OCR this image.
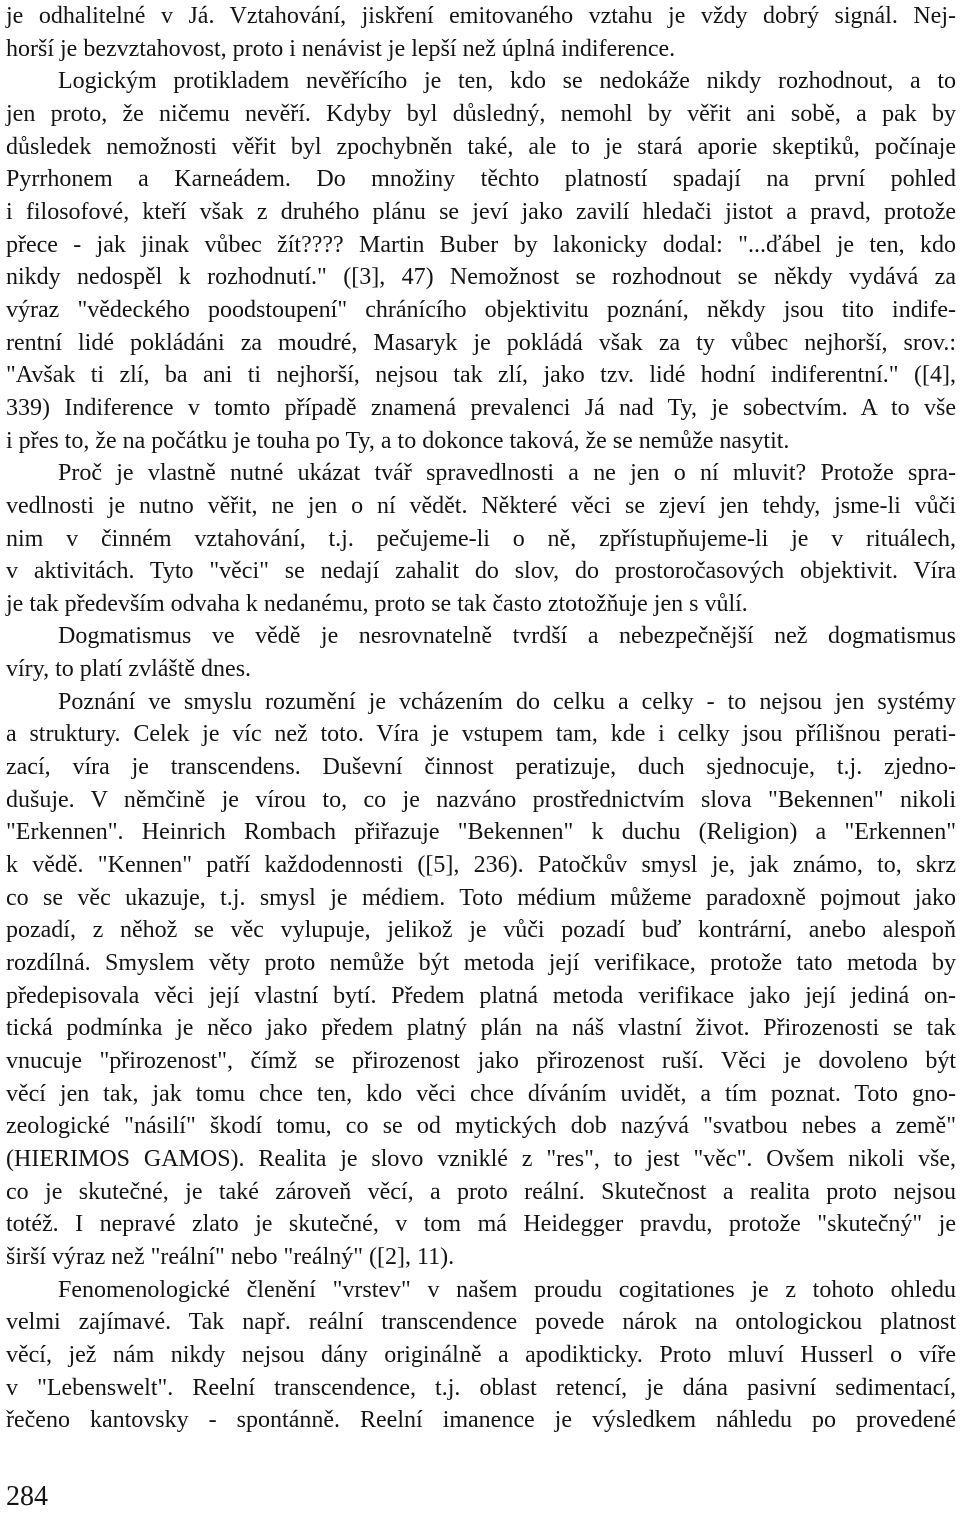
je odhalitelné v Já. Vztahování, jiskření emitovaného vztahu je vždy dobrý signál. Nej-
horší je bezvztahovost, proto i nenávist je lepší než úplná indiference.
Logickým protikladem nevěřícího je ten, kdo se nedokáže nikdy rozhodnout, a to
jen proto, že ničemu nevěří. Kdyby byl důsledný, nemohl by věřit ani sobě, a pak by
důsledek nemožnosti věřit byl zpochybněn také, ale to je stará aporie skeptiků, počínaje
Pyrrhonem a Karneádem. Do množiny těchto platností spadají na první pohled
i filosofové, kteří však z druhého plánu se jeví jako zavilí hledači jistot a pravd, protože
přece - jak jinak vůbec žít???? Martin Buber by lakonicky dodal: "...ďábel je ten, kdo
nikdy nedospěl k rozhodnutí." ([3], 47) Nemožnost se rozhodnout se někdy vydává za
výraz "vědeckého poodstoupení" chránícího objektivitu poznání, někdy jsou tito indife-
rentní lidé pokládáni za moudré, Masaryk je pokládá však za ty vůbec nejhorší, srov.:
"Avšak ti zlí, ba ani ti nejhorší, nejsou tak zlí, jako tzv. lidé hodní indiferentní." ([4],
339) Indiference v tomto případě znamená prevalenci Já nad Ty, je sobectvím. A to vše
i přes to, že na počátku je touha po Ty, a to dokonce taková, že se nemůže nasytit.
Proč je vlastně nutné ukázat tvář spravedlnosti a ne jen o ní mluvit? Protože spra-
vedlnosti je nutno věřit, ne jen o ní vědět. Některé věci se zjeví jen tehdy, jsme-li vůči
nim v činném vztahování, t.j. pečujeme-li o ně, zpřístupňujeme-li je v rituálech,
v aktivitách. Tyto "věci" se nedají zahalit do slov, do prostoročasových objektivit. Víra
je tak především odvaha k nedanému, proto se tak často ztotožňuje jen s vůlí.
Dogmatismus ve vědě je nesrovnatelně tvrdší a nebezpečnější než dogmatismus
víry, to platí zvláště dnes.
Poznání ve smyslu rozumění je vcházením do celku a celky - to nejsou jen systémy
a struktury. Celek je víc než toto. Víra je vstupem tam, kde i celky jsou přílišnou perati-
zací, víra je transcendens. Duševní činnost peratizuje, duch sjednocuje, t.j. zjedno-
dušuje. V němčině je vírou to, co je nazváno prostřednictvím slova "Bekennen" nikoli
"Erkennen". Heinrich Rombach přiřazuje "Bekennen" k duchu (Religion) a "Erkennen"
k vědě. "Kennen" patří každodennosti ([5], 236). Patočkův smysl je, jak známo, to, skrz
co se věc ukazuje, t.j. smysl je médiem. Toto médium můžeme paradoxně pojmout jako
pozadí, z něhož se věc vylupuje, jelikož je vůči pozadí buď kontrární, anebo alespoň
rozdílná. Smyslem věty proto nemůže být metoda její verifikace, protože tato metoda by
předepisovala věci její vlastní bytí. Předem platná metoda verifikace jako její jediná on-
tická podmínka je něco jako předem platný plán na náš vlastní život. Přirozenosti se tak
vnucuje "přirozenost", čímž se přirozenost jako přirozenost ruší. Věci je dovoleno být
věcí jen tak, jak tomu chce ten, kdo věci chce díváním uvidět, a tím poznat. Toto gno-
zeologické "násilí" škodí tomu, co se od mytických dob nazývá "svatbou nebes a země"
(HIERIMOS GAMOS). Realita je slovo vzniklé z "res", to jest "věc". Ovšem nikoli vše,
co je skutečné, je také zároveň věcí, a proto reální. Skutečnost a realita proto nejsou
totéž. I nepravé zlato je skutečné, v tom má Heidegger pravdu, protože "skutečný" je
širší výraz než "reální" nebo "reálný" ([2], 11).
Fenomenologické členění "vrstev" v našem proudu cogitationes je z tohoto ohledu
velmi zajímavé. Tak např. reální transcendence povede nárok na ontologickou platnost
věcí, jež nám nikdy nejsou dány originálně a apodikticky. Proto mluví Husserl o víře
v "Lebenswelt". Reelní transcendence, t.j. oblast retencí, je dána pasivní sedimentací,
řečeno kantovsky - spontánně. Reelní imanence je výsledkem náhledu po provedené
284
